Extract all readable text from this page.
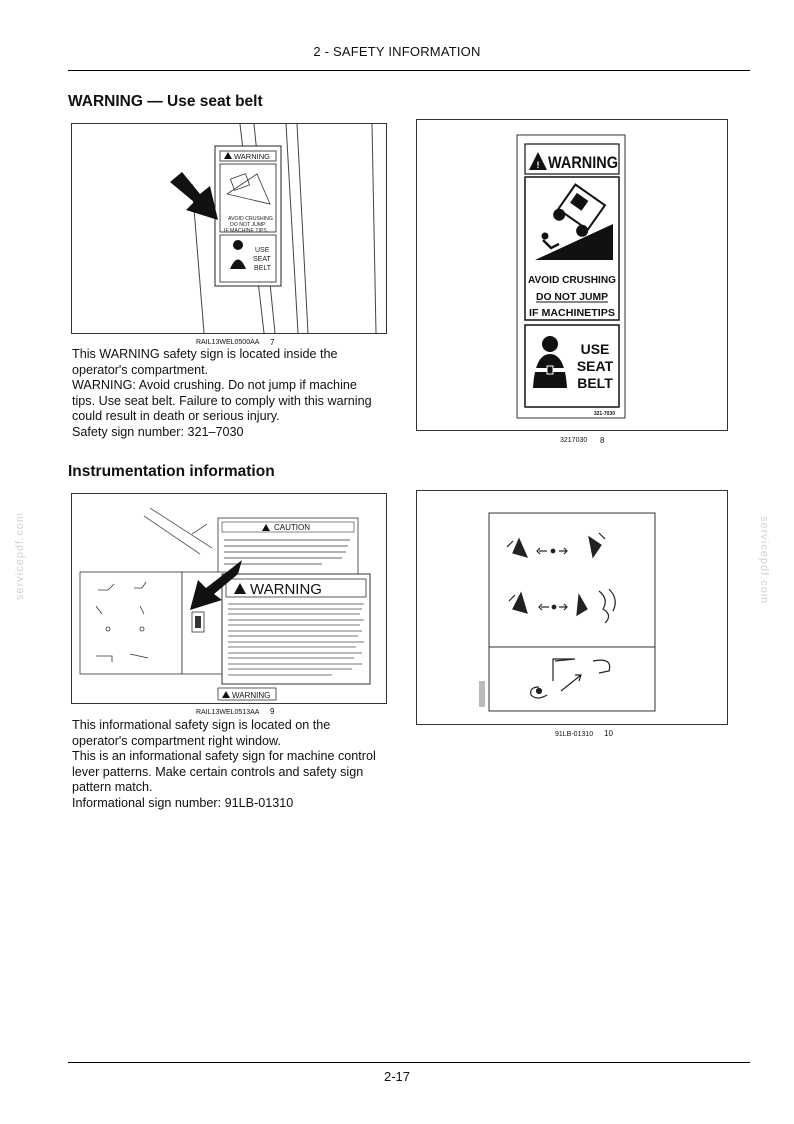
2 - SAFETY INFORMATION
servicepdf.com	servicepdf.com
WARNING — Use seat belt
WARNING
AVOID CRUSHING
DO NOT JUMP
IF MACHINE TIPS
USE
SEAT
BELT
RAIL13WEL0500AA 7
! WARNING
AVOID CRUSHING
DO NOT JUMP
IF MACHINETIPS
USE
SEAT
BELT
321-7030
3217030 8
This WARNING safety sign is located inside the
operator's compartment.
WARNING: Avoid crushing. Do not jump if machine
tips. Use seat belt. Failure to comply with this warning
could result in death or serious injury.
Safety sign number: 321–7030
Instrumentation information
CAUTION
WARNING
WARNING
RAIL13WEL0513AA 9
91LB-01310 10
This informational safety sign is located on the
operator's compartment right window.
This is an informational safety sign for machine control
lever patterns. Make certain controls and safety sign
pattern match.
Informational sign number: 91LB-01310
2-17
